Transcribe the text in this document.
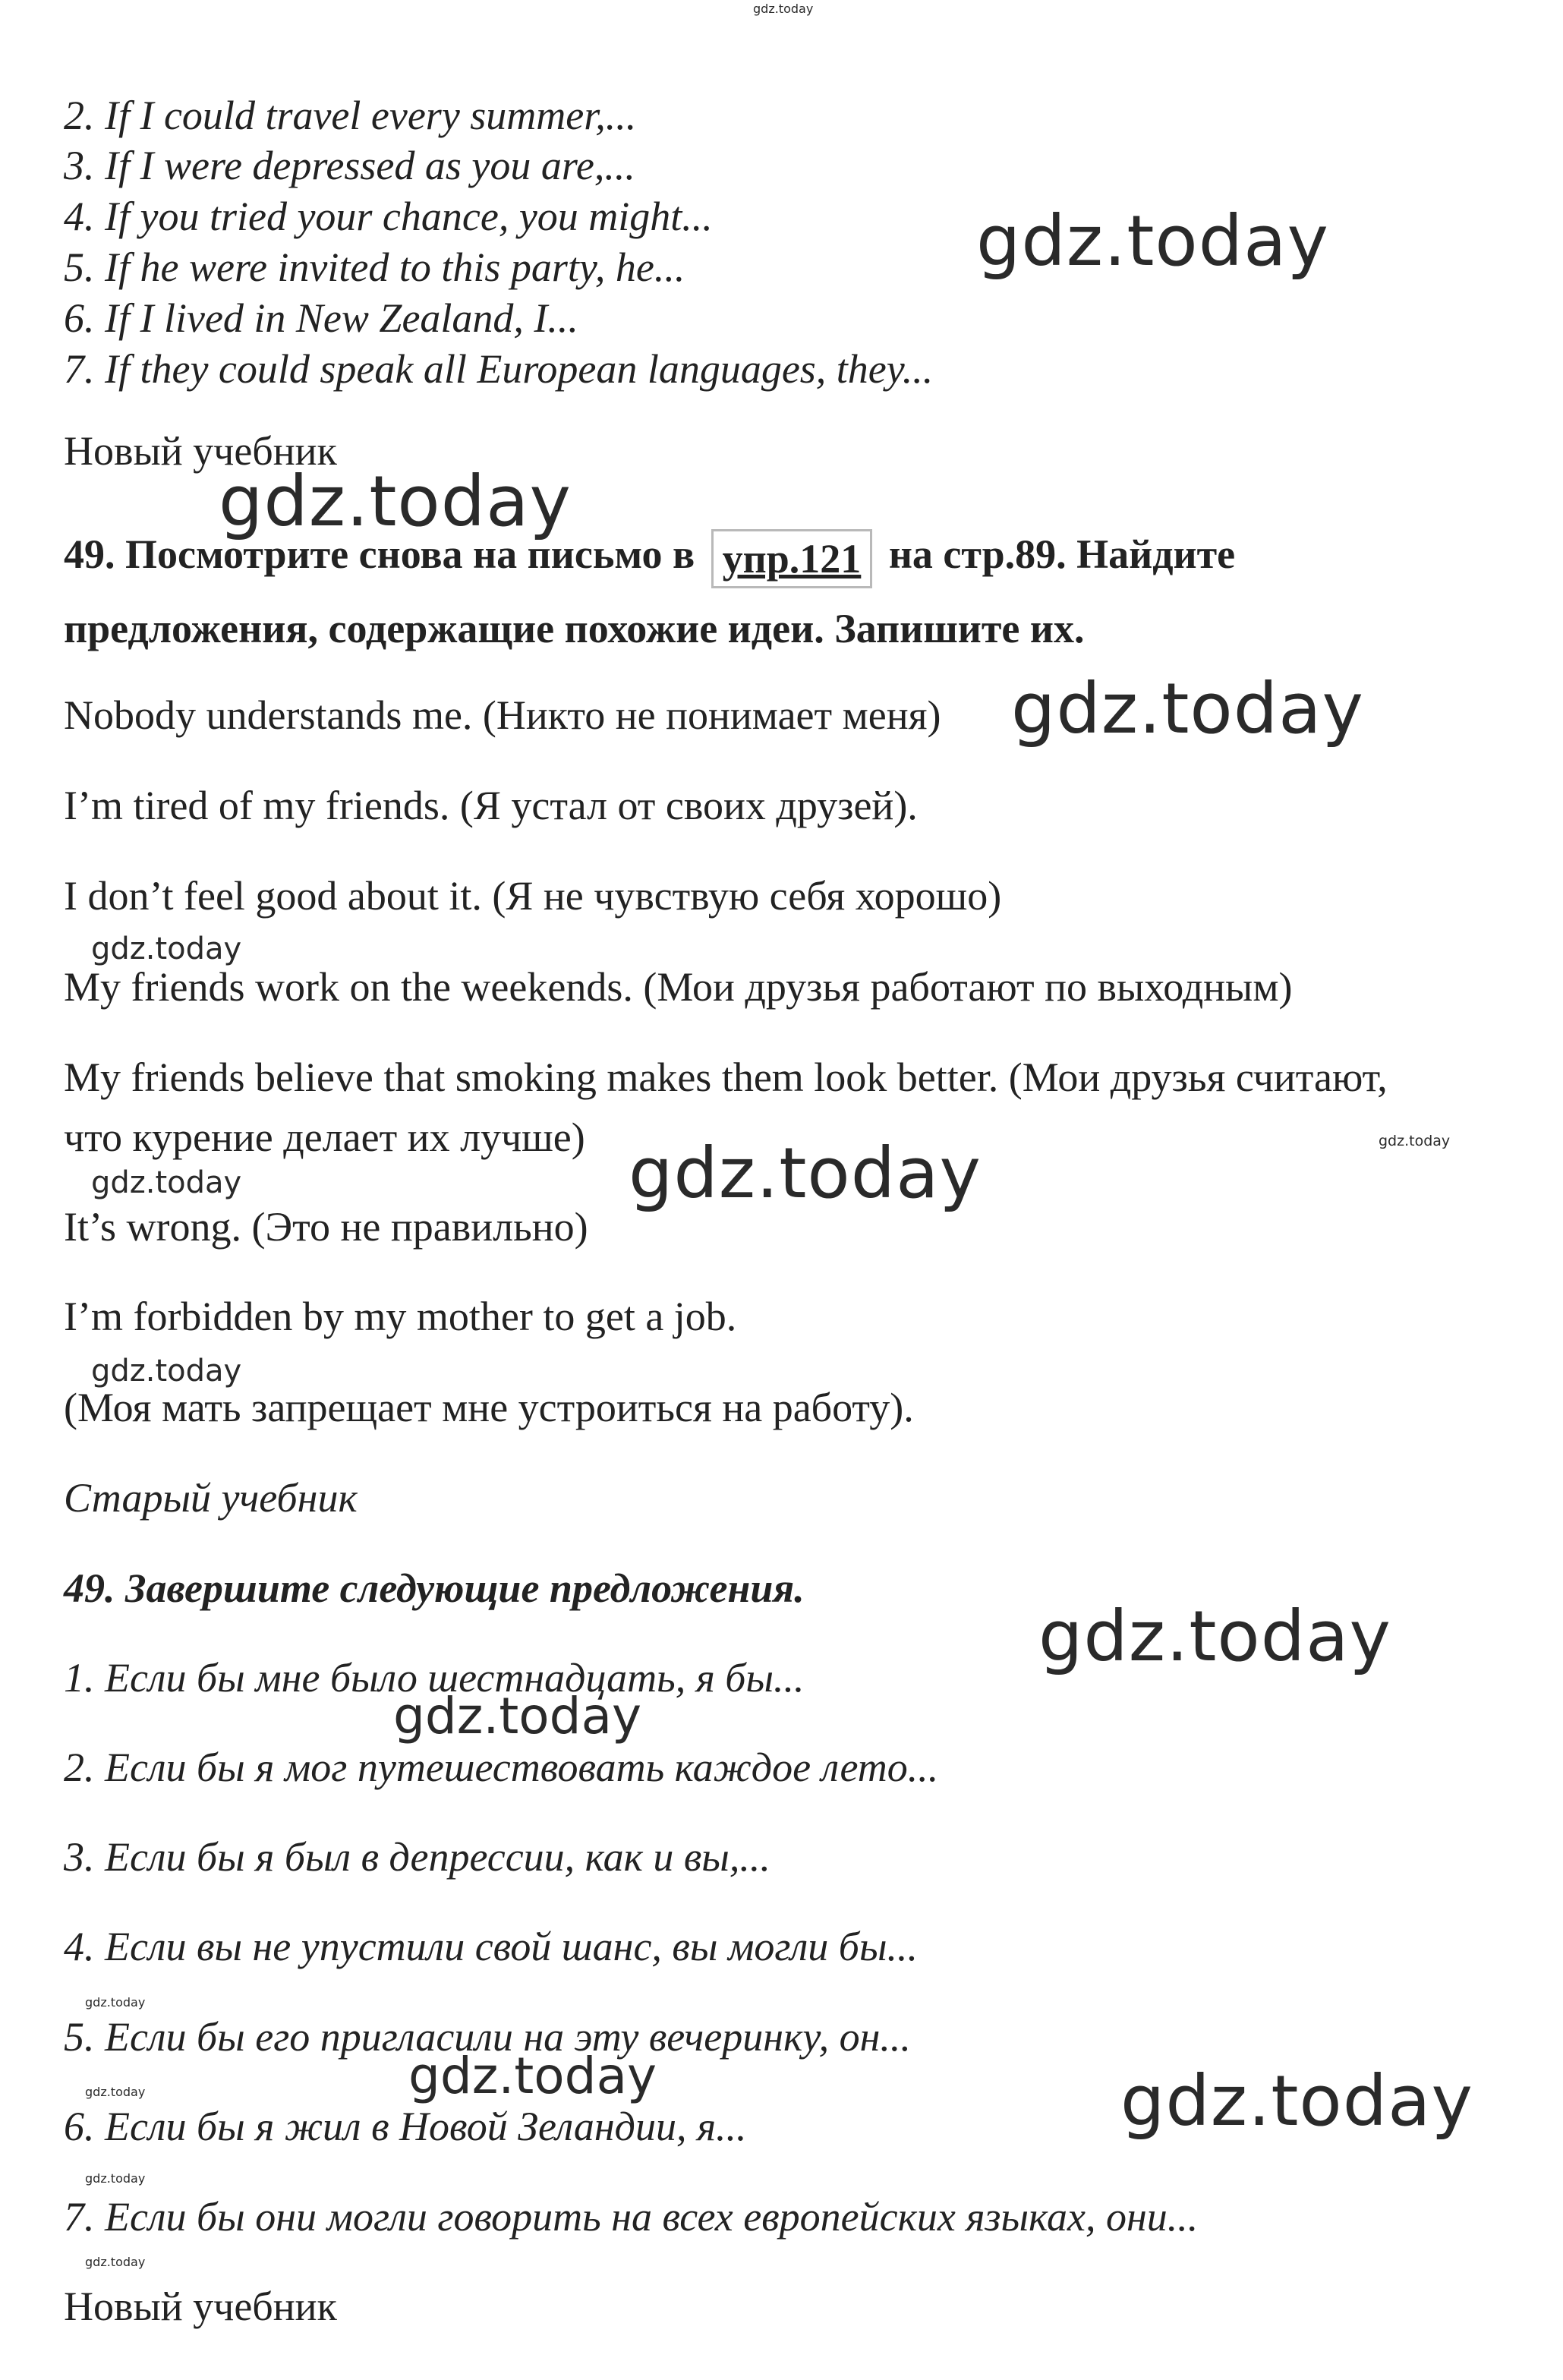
gdz.today
2. If I could travel every summer,...
3. If I were depressed as you are,...
4. If you tried your chance, you might...
5. If he were invited to this party, he...
6. If I lived in New Zealand, I...
7. If they could speak all European languages, they...
gdz.today
Новый учебник
gdz.today
49. Посмотрите снова на письмо в упр.121 на стр.89. Найдите
предложения, содержащие похожие идеи. Запишите их.
Nobody understands me. (Никто не понимает меня) gdz.today
I’m tired of my friends. (Я устал от своих друзей).
I don’t feel good about it. (Я не чувствую себя хорошо)
gdz.today
My friends work on the weekends. (Мои друзья работают по выходным)
My friends believe that smoking makes them look better. (Мои друзья считают,
что курение делает их лучше)	gdz.today
gdz.today
gdz.today
It’s wrong. (Это не правильно)
I’m forbidden by my mother to get a job.
gdz.today
(Моя мать запрещает мне устроиться на работу).
Старый учебник
49. Завершите следующие предложения.
gdz.today
1. Если бы мне было шестнадцать, я бы...
gdz.today
2. Если бы я мог путешествовать каждое лето...
3. Если бы я был в депрессии, как и вы,...
4. Если вы не упустили свой шанс, вы могли бы...
gdz.today
5. Если бы его пригласили на эту вечеринку, он...
gdz.today	gdz.today
gdz.today
6. Если бы я жил в Новой Зеландии, я...
gdz.today
7. Если бы они могли говорить на всех европейских языках, они...
gdz.today
Новый учебник
